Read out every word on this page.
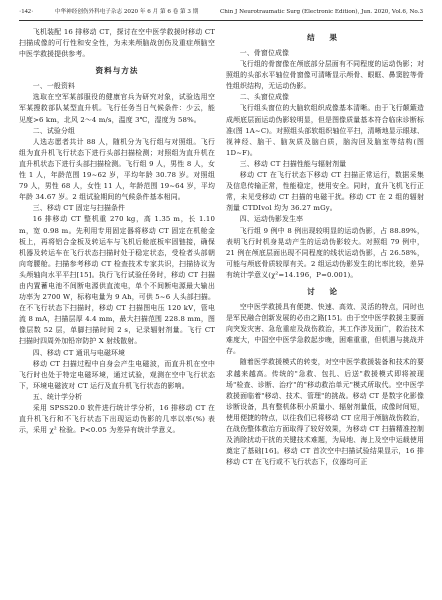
·142·	中华神经创伤外科电子杂志 2020 年 6 月 第 6 卷 第 3 期	Chin J Neurotraumatic Surg (Electronic Edition), Jun. 2020, Vol.6, No.3

飞机装配 16 排移动 CT，探讨在空中医学救援时移动 CT 扫描成像的可行性和安全性，为未来颅脑战创伤及重症颅脑空中医学救援提供参考。

资料与方法

一、一般资料

选取在空军某部服役的健康官兵为研究对象，试验选用空军某搜救部队某型直升机。飞行任务当日气候条件：少云，能见度>6 km，北风 2～4 m/s，温度 3℃，湿度为 58%。

二、试验分组

人选志愿者共计 88 人，随机分为飞行组与对照组。飞行组为直升机飞行状态下进行头部扫描检测；对照组为直升机在直升机状态下进行头部扫描检测。飞行组 9 人，男性 8 人，女性 1 人，年龄范围 19~62 岁，平均年龄 30.78 岁。对照组 79 人，男性 68 人，女性 11 人，年龄范围 19~64 岁，平均年龄 34.67 岁。2 组试验期间的气候条件基本相同。

三、移动 CT 固定与扫描条件

16 排移动 CT 整机重 270 kg，高 1.35 m，长 1.10 m，宽 0.98 m。先利用专用固定器将移动 CT 固定在机舱金板上，再将铝合金板及转运车与飞机后舱底板牢固链接，确保机器及转运车在飞行状态扫描时处于稳定状态，受检者头部朝向弯腰舱。扫描参考移动 CT 检查技术专家共识，扫描协议为头颅轴向水平平扫[15]。执行飞行试验任务时，移动 CT 扫描由内置蓄电池不间断电源供直流电，单个不间断电源最大输出功率为 2700 W，标称电量为 9 Ah，可供 5~6 人头部扫描。在不飞行状态下扫描时，移动 CT 扫描图电压 120 kV，管电流 8 mA，扫描层厚 4.4 mm，最大扫描范围 228.8 mm，图像层数 52 层，单脚扫描时间 2 s，记录辐射剂量。飞行 CT 扫描时四周外加铅帘防护 X 射线散射。

四、移动 CT 通讯与电磁环境

移动 CT 扫描过程中自身会产生电磁波，而直升机在空中飞行时也处于特定电磁环境，通过试验，观测在空中飞行状态下，环境电磁波对 CT 运行及直升机飞行状态的影响。

五、统计学分析

采用 SPSS20.0 软件进行统计学分析，16 排移动 CT 在直升机飞行和不飞行状态下出现运动伪影的几率以率(%) 表示，采用 χ² 检验。P<0.05 为差异有统计学意义。

结 果

一、骨窗位成像

飞行组的骨窗像在颅底部分层面有不同程度的运动伪影；对照组的头部水平轴位骨窗像可清晰显示颅骨、眼眶、鼻窦腔等骨性组织结构，无运动伪影。

二、头窗位成像

飞行组头窗位的大脑软组织成像基本清晰。由于飞行颠簸造成颅底层面运动伪影较明显，但是图像质量基本符合临床诊断标准(图 1A~C)。对照组头部软组织轴位平扫，清晰地显示眼球、视神经、脑干、脑灰质及脑白质，脑沟回及脑室等结构(图 1D~F)。

三、移动 CT 扫描性能与辐射剂量

移动 CT 在飞行状态下移动 CT 扫描正常运行，数据采集及信息传输正常，性能稳定，使用安全。同时，直升飞机飞行正常，未见受移动 CT 扫描的电磁干扰。移动 CT 在 2 组的辐射剂量 CTDIvol 均为 36.27 mGy。

四、运动伪影发生率

飞行组 9 例中 8 例出现较明显的运动伪影，占 88.89%，表明飞行时机身晃动产生的运动伪影较大。对照组 79 例中，21 例在颅底层面出现不同程度的线状运动伪影，占 26.58%，可能与颅底骨质较厚有关。2 组运动伪影发生的比率比较，差异有统计学意义(χ²=14.196，P=0.001)。

讨 论

空中医学救援具有便捷、快速、高效、灵活的特点，同时也是军民融合创新发展的必由之路[15]。由于空中医学救援主要面向突发灾害、急危重症及战伤救治，其工作涉及面广，救治技术难度大，中国空中医学急救起步晚，困难重重，但机遇与挑战并存。

随着医学救援模式的转变，对空中医学救援装备和技术的要求越来越高。传统的"急救、包扎、后送"救援模式即将被现场"检查、诊断、治疗"的"移动救治单元"模式所取代。空中医学救援面临着"移动、技术、管理"的挑战。移动 CT 是数字化影像诊断设备，具有整机体积小质量小、辐射剂量低，成像时间短，使用便捷的特点，以往我们已将移动 CT 应用于颅脑战伤救治，在战伤整体救治方面取得了较好效果，为移动 CT 扫描精准控制及消除扰动干扰的关键技术难题，为局地、海上及空中运载使用奠定了基础[16]。移动 CT 首次空中扫描试验结果显示，16 排移动 CT 在飞行或不飞行状态下，仪器均可正
